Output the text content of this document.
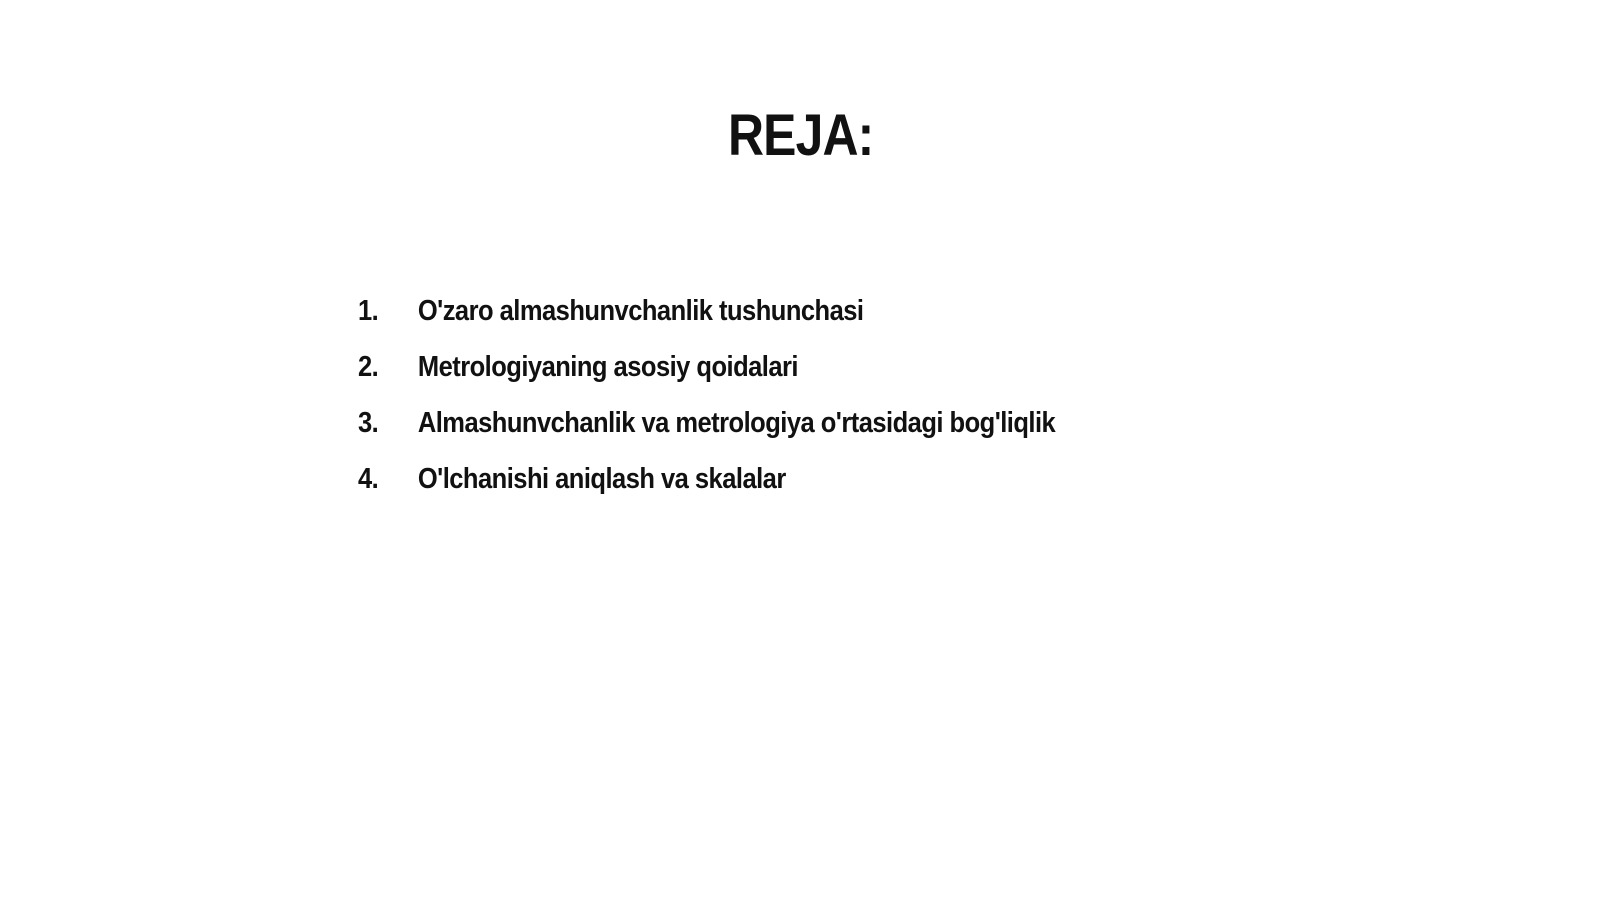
REJA:
1.	O'zaro almashunvchanlik tushunchasi
2.	Metrologiyaning asosiy qoidalari
3.	Almashunvchanlik va metrologiya o'rtasidagi bog'liqlik
4.	O'lchanishi aniqlash va skalalar
